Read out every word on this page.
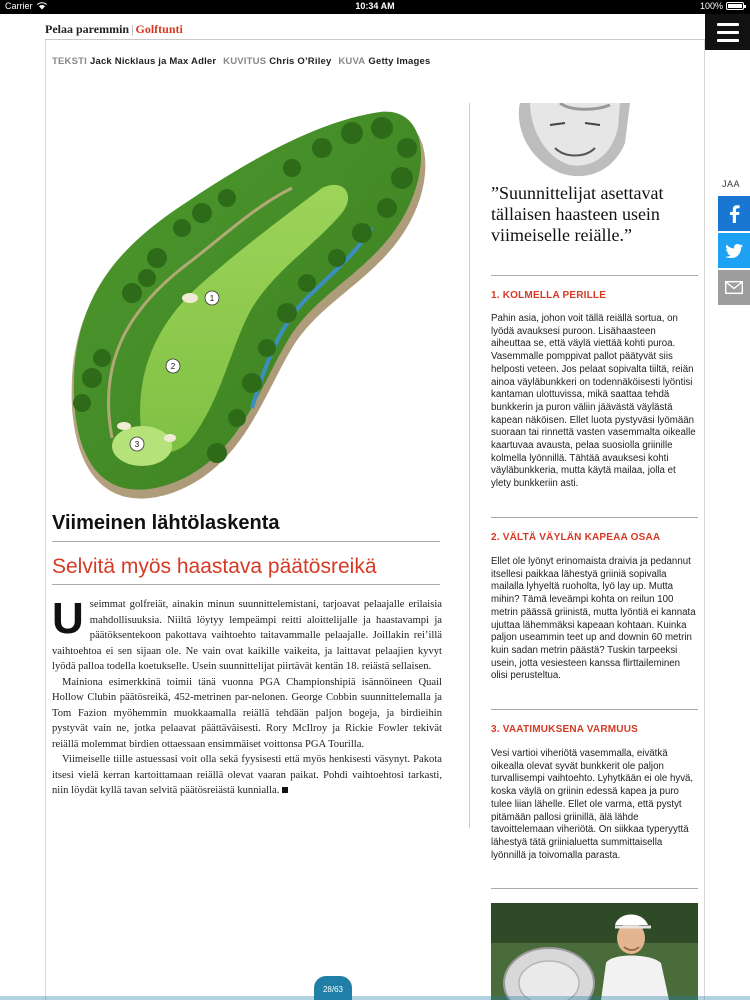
Carrier	10:34 AM	100%
Pelaa paremmin | Golftunti
TEKSTI Jack Nicklaus ja Max Adler KUVITUS Chris O’Riley KUVA Getty Images
1
2
3
Viimeinen lähtölaskenta
Selvitä myös haastava päätösreikä

Useimmat golfreiät, ainakin minun suunnittelemistani, tarjoavat pelaajalle erilaisia mahdollisuuksia. Niiltä löytyy lempeämpi reitti aloittelijalle ja haastavampi ja päätöksentekoon pakottava vaihtoehto taitavammalle pelaajalle. Joillakin rei’illä vaihtoehtoa ei sen sijaan ole. Ne vain ovat kaikille vaikeita, ja laittavat pelaajien kyvyt lyödä palloa todella koetukselle. Usein suunnittelijat piirtävät kentän 18. reiästä sellaisen.

Mainiona esimerkkinä toimii tänä vuonna PGA Championshipiä isännöineen Quail Hollow Clubin päätösreikä, 452-metrinen par-nelonen. George Cobbin suunnittelemalla ja Tom Fazion myöhemmin muokkaamalla reiällä tehdään paljon bogeja, ja birdieihin pystyvät vain ne, jotka pelaavat päättäväisesti. Rory McIlroy ja Rickie Fowler tekivät reiällä molemmat birdien ottaessaan ensimmäiset voittonsa PGA Tourilla.

Viimeiselle tiille astuessasi voit olla sekä fyysisesti että myös henkisesti väsynyt. Pakota itsesi vielä kerran kartoittamaan reiällä olevat vaaran paikat. Pohdi vaihtoehtosi tarkasti, niin löydät kyllä tavan selvitä päätösreiästä kunnialla.

”Suunnittelijat asettavat tällaisen haasteen usein viimeiselle reiälle.”
1. KOLMELLA PERILLE
Pahin asia, johon voit tällä reiällä sortua, on lyödä avauksesi puroon. Lisähaasteen aiheuttaa se, että väylä viettää kohti puroa. Vasemmalle pomppivat pallot päätyvät siis helposti veteen. Jos pelaat sopivalta tiiltä, reiän ainoa väyläbunkkeri on todennäköisesti lyöntisi kantaman ulottuvissa, mikä saattaa tehdä bunkkerin ja puron väliin jäävästä väylästä kapean näköisen. Ellet luota pystyväsi lyömään suoraan tai rinnettä vasten vasemmalta oikealle kaartuvaa avausta, pelaa suosiolla griinille kolmella lyönnillä. Tähtää avauksesi kohti väyläbunkkeria, mutta käytä mailaa, jolla et ylety bunkkeriin asti.
2. VÄLTÄ VÄYLÄN KAPEAA OSAA
Ellet ole lyönyt erinomaista draivia ja pedannut itsellesi paikkaa lähestyä griiniä sopivalla mailalla lyhyeltä ruoholta, lyö lay up. Mutta mihin? Tämä leveämpi kohta on reilun 100 metrin päässä griinistä, mutta lyöntiä ei kannata ujuttaa lähemmäksi kapeaan kohtaan. Kuinka paljon useammin teet up and downin 60 metrin kuin sadan metrin päästä? Tuskin tarpeeksi usein, jotta vesiesteen kanssa flirttaileminen olisi perusteltua.
3. VAATIMUKSENA VARMUUS
Vesi vartioi viheriötä vasemmalla, eivätkä oikealla olevat syvät bunkkerit ole paljon turvallisempi vaihtoehto. Lyhytkään ei ole hyvä, koska väylä on griinin edessä kapea ja puro tulee liian lähelle. Ellet ole varma, että pystyt pitämään pallosi griinillä, älä lähde tavoittelemaan viheriötä. On siikkaa typeryyttä lähestyä tätä griinialuetta summittaisella lyönnillä ja toivomalla parasta.
JAA
28/63
